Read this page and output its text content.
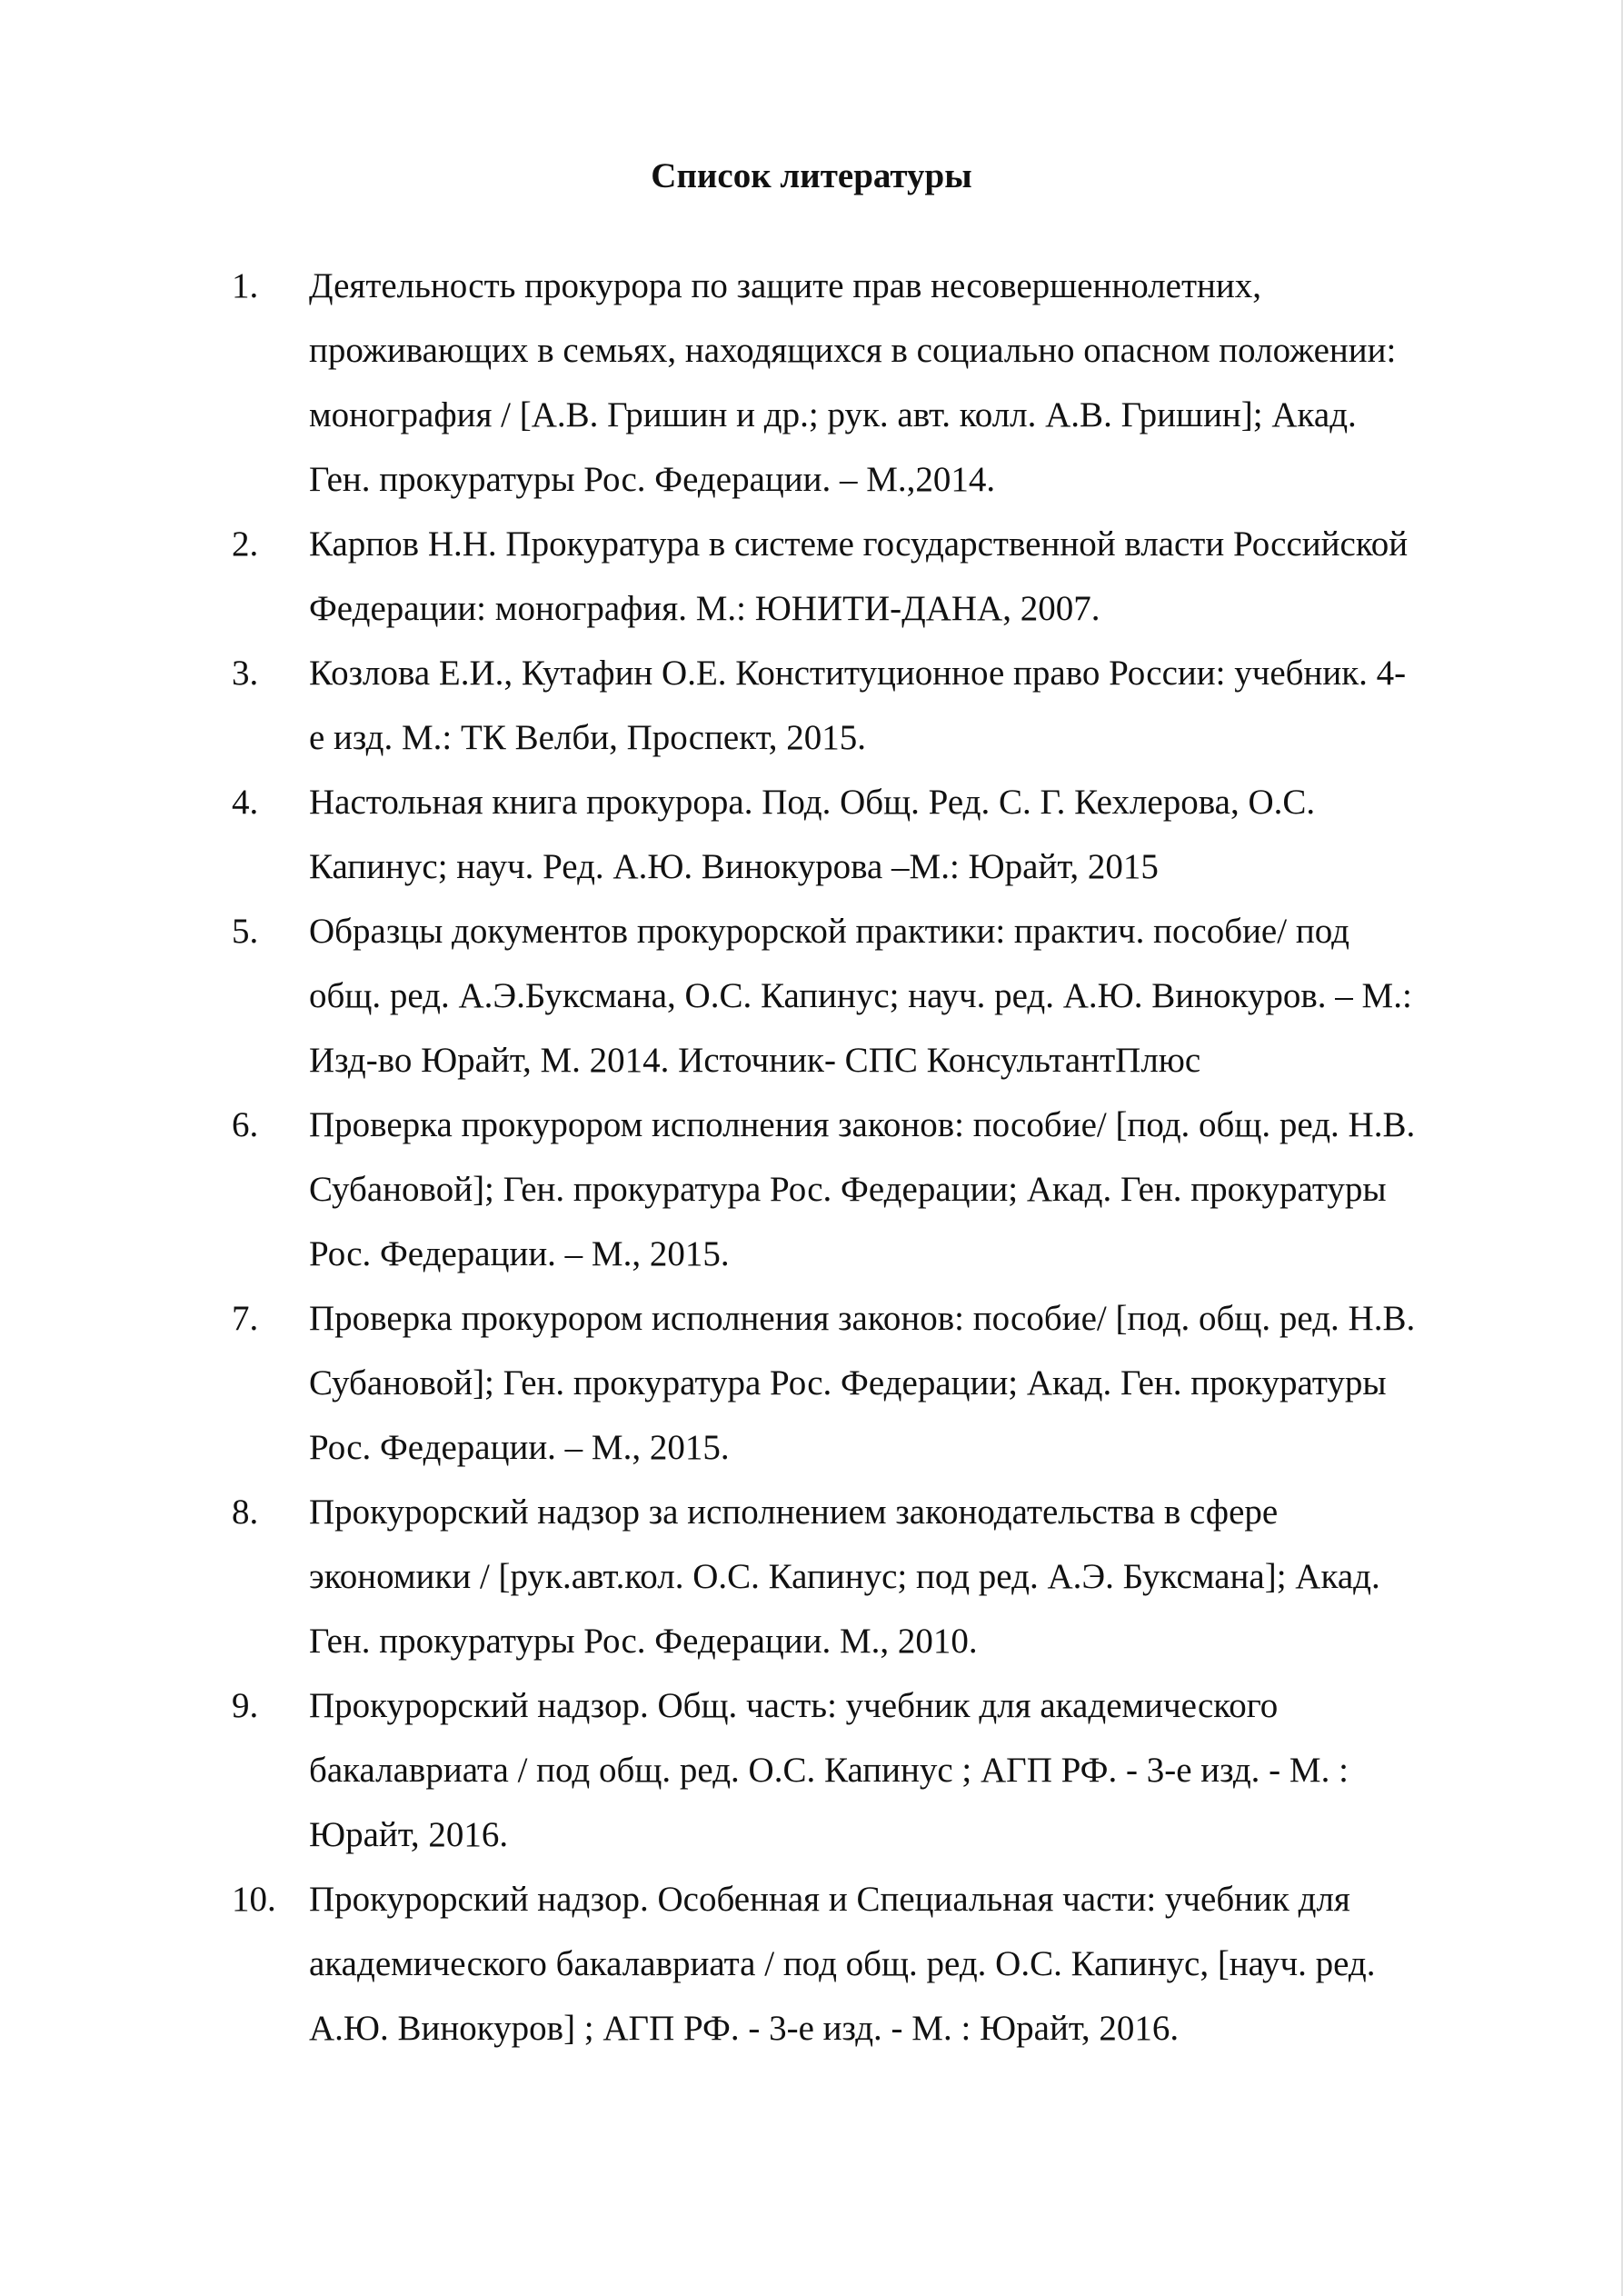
Список литературы
1. Деятельность прокурора по защите прав несовершеннолетних,
проживающих в семьях, находящихся в социально опасном положении:
монография / [А.В. Гришин и др.; рук. авт. колл. А.В. Гришин]; Акад.
Ген. прокуратуры Рос. Федерации. – М.,2014.
2. Карпов Н.Н. Прокуратура в системе государственной власти Российской
Федерации: монография. М.: ЮНИТИ-ДАНА, 2007.
3. Козлова Е.И., Кутафин О.Е. Конституционное право России: учебник. 4-
е изд. М.: ТК Велби, Проспект, 2015.
4. Настольная книга прокурора. Под. Общ. Ред. С. Г. Кехлерова, О.С.
Капинус; науч. Ред. А.Ю. Винокурова –М.: Юрайт, 2015
5. Образцы документов прокурорской практики: практич. пособие/ под
общ. ред. А.Э.Буксмана, О.С. Капинус; науч. ред. А.Ю. Винокуров. – М.:
Изд-во Юрайт, М. 2014. Источник- СПС КонсультантПлюс
6. Проверка прокурором исполнения законов: пособие/ [под. общ. ред. Н.В.
Субановой]; Ген. прокуратура Рос. Федерации; Акад. Ген. прокуратуры
Рос. Федерации. – М., 2015.
7. Проверка прокурором исполнения законов: пособие/ [под. общ. ред. Н.В.
Субановой]; Ген. прокуратура Рос. Федерации; Акад. Ген. прокуратуры
Рос. Федерации. – М., 2015.
8. Прокурорский надзор за исполнением законодательства в сфере
экономики / [рук.авт.кол. О.С. Капинус; под ред. А.Э. Буксмана]; Акад.
Ген. прокуратуры Рос. Федерации. М., 2010.
9. Прокурорский надзор. Общ. часть: учебник для академического
бакалавриата / под общ. ред. О.С. Капинус ; АГП РФ. - 3-е изд. - М. :
Юрайт, 2016.
10. Прокурорский надзор. Особенная и Специальная части: учебник для
академического бакалавриата / под общ. ред. О.С. Капинус, [науч. ред.
А.Ю. Винокуров] ; АГП РФ. - 3-е изд. - М. : Юрайт, 2016.
